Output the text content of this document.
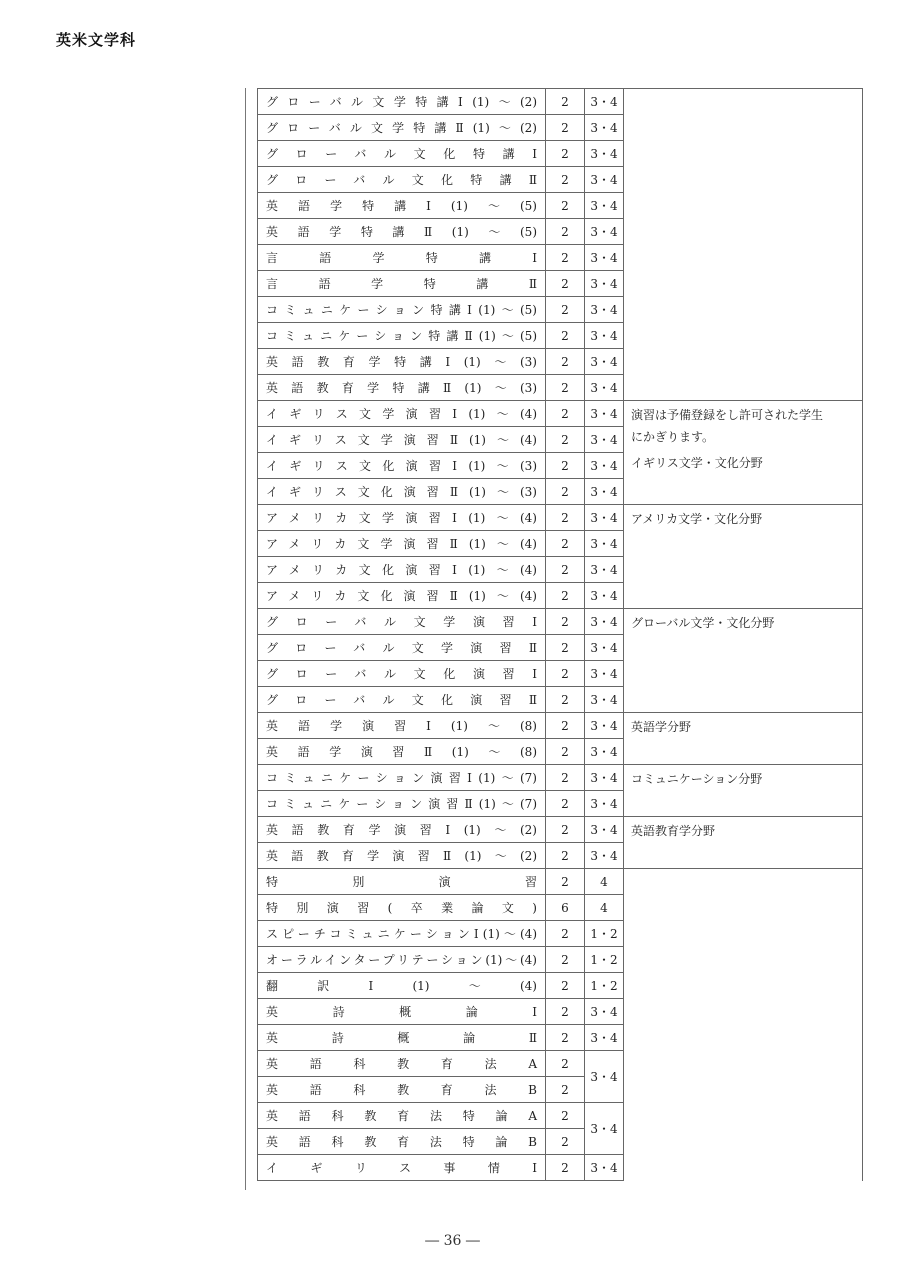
英米文学科
グローバル文学特講Ⅰ(1)〜(2)	2	3・4	
グローバル文学特講Ⅱ(1)〜(2)	2	3・4	
グローバル文化特講Ⅰ	2	3・4	
グローバル文化特講Ⅱ	2	3・4	
英語学特講Ⅰ(1)〜(5)	2	3・4	
英語学特講Ⅱ(1)〜(5)	2	3・4	
言語学特講Ⅰ	2	3・4	
言語学特講Ⅱ	2	3・4	
コミュニケーション特講Ⅰ(1)〜(5)	2	3・4	
コミュニケーション特講Ⅱ(1)〜(5)	2	3・4	
英語教育学特講Ⅰ(1)〜(3)	2	3・4	
英語教育学特講Ⅱ(1)〜(3)	2	3・4	
イギリス文学演習Ⅰ(1)〜(4)	2	3・4	演習は予備登録をし許可された学生
にかぎります。
イギリス文学・文化分野

イギリス文学演習Ⅱ(1)〜(4)	2	3・4	
イギリス文化演習Ⅰ(1)〜(3)	2	3・4	
イギリス文化演習Ⅱ(1)〜(3)	2	3・4	
アメリカ文学演習Ⅰ(1)〜(4)	2	3・4	アメリカ文学・文化分野

アメリカ文学演習Ⅱ(1)〜(4)	2	3・4	
アメリカ文化演習Ⅰ(1)〜(4)	2	3・4	
アメリカ文化演習Ⅱ(1)〜(4)	2	3・4	
グローバル文学演習Ⅰ	2	3・4	グローバル文学・文化分野

グローバル文学演習Ⅱ	2	3・4	
グローバル文化演習Ⅰ	2	3・4	
グローバル文化演習Ⅱ	2	3・4	
英語学演習Ⅰ(1)〜(8)	2	3・4	英語学分野

英語学演習Ⅱ(1)〜(8)	2	3・4	
コミュニケーション演習Ⅰ(1)〜(7)	2	3・4	コミュニケーション分野

コミュニケーション演習Ⅱ(1)〜(7)	2	3・4	
英語教育学演習Ⅰ(1)〜(2)	2	3・4	英語教育学分野

英語教育学演習Ⅱ(1)〜(2)	2	3・4	
特別演習	2	4	
特別演習(卒業論文)	6	4	
スピーチコミュニケーションⅠ(1)〜(4)	2	1・2	
オーラルインタープリテーション(1)〜(4)	2	1・2	
翻訳Ⅰ(1)〜(4)	2	1・2	
英詩概論Ⅰ	2	3・4	
英詩概論Ⅱ	2	3・4	
英語科教育法A	2	3・4	
英語科教育法B	2		
英語科教育法特論A	2	3・4	
英語科教育法特論B	2		
イギリス事情Ⅰ	2	3・4	
― 36 ―
